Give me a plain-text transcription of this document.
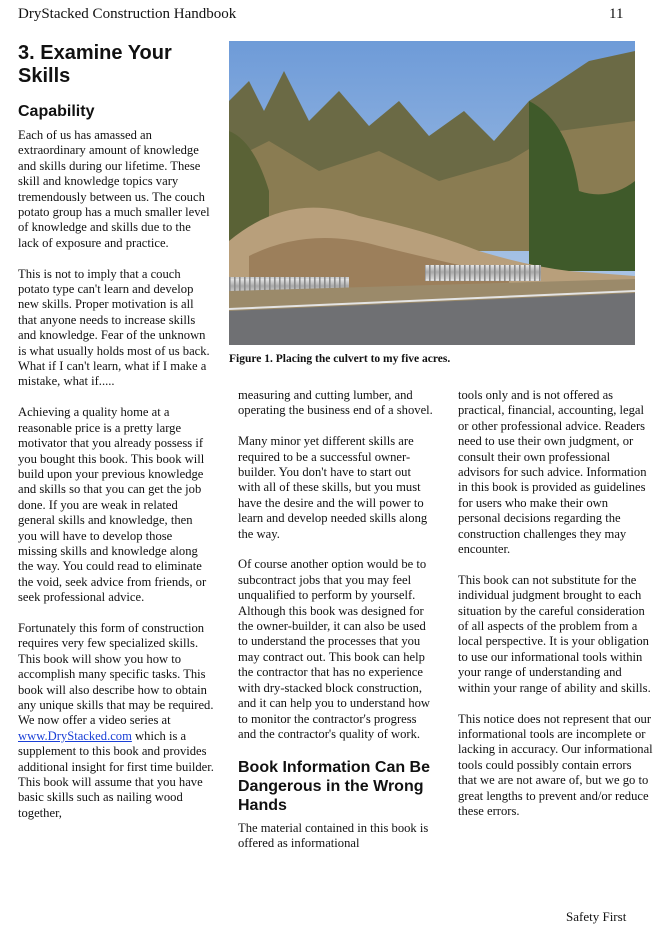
DryStacked Construction Handbook	11
3. Examine Your Skills
Capability

Each of us has amassed an extraordinary amount of knowledge and skills during our lifetime. These skill and knowledge topics vary tremendously between us. The couch potato group has a much smaller level of knowledge and skills due to the lack of exposure and practice.

This is not to imply that a couch potato type can't learn and develop new skills. Proper motivation is all that anyone needs to increase skills and knowledge. Fear of the unknown is what usually holds most of us back. What if I can't learn, what if I make a mistake, what if.....

Achieving a quality home at a reasonable price is a pretty large motivator that you already possess if you bought this book. This book will build upon your previous knowledge and skills so that you can get the job done. If you are weak in related general skills and knowledge, then you will have to develop those missing skills and knowledge along the way. You could read to eliminate the void, seek advice from friends, or seek professional advice.

Fortunately this form of construction requires very few specialized skills. This book will show you how to accomplish many specific tasks. This book will also describe how to obtain any unique skills that may be required. We now offer a video series at www.DryStacked.com which is a supplement to this book and provides additional insight for first time builder. This book will assume that you have basic skills such as nailing wood together,

Figure 1. Placing the culvert to my five acres.

measuring and cutting lumber, and operating the business end of a shovel.

Many minor yet different skills are required to be a successful owner-builder. You don't have to start out with all of these skills, but you must have the desire and the will power to learn and develop needed skills along the way.

Of course another option would be to subcontract jobs that you may feel unqualified to perform by yourself. Although this book was designed for the owner-builder, it can also be used to understand the processes that you may contract out. This book can help the contractor that has no experience with dry-stacked block construction, and it can help you to understand how to monitor the contractor's progress and the contractor's quality of work.

Book Information Can Be Dangerous in the Wrong Hands

The material contained in this book is offered as informational

tools only and is not offered as practical, financial, accounting, legal or other professional advice. Readers need to use their own judgment, or consult their own professional advisors for such advice. Information in this book is provided as guidelines for users who make their own personal decisions regarding the construction challenges they may encounter.

This book can not substitute for the individual judgment brought to each situation by the careful consideration of all aspects of the problem from a local perspective. It is your obligation to use our informational tools within your range of understanding and within your range of ability and skills.

This notice does not represent that our informational tools are incomplete or lacking in accuracy. Our informational tools could possibly contain errors that we are not aware of, but we go to great lengths to prevent and/or reduce these errors.

Safety First
